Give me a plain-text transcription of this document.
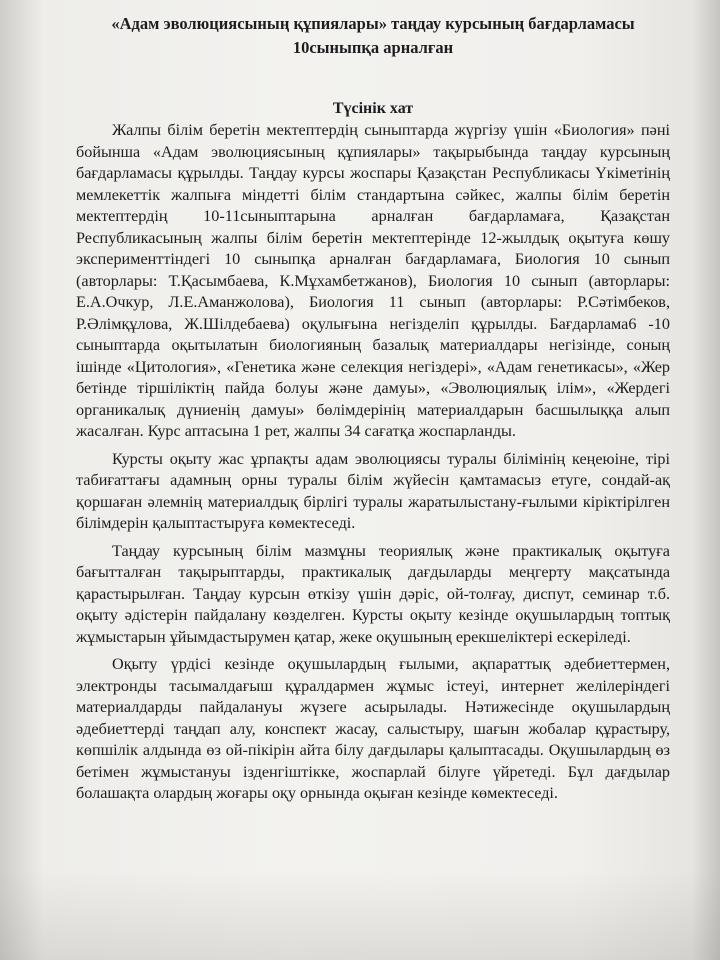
«Адам эволюциясының құпиялары» таңдау курсының бағдарламасы

10сыныпқа арналған

Түсінік хат

Жалпы білім беретін мектептердің сыныптарда жүргізу үшін «Биология» пәні бойынша «Адам эволюциясының құпиялары» тақырыбында таңдау курсының бағдарламасы құрылды. Таңдау курсы жоспары Қазақстан Республикасы Үкіметінің мемлекеттік жалпыға міндетті білім стандартына сәйкес, жалпы білім беретін мектептердің 10-11сыныптарына арналған бағдарламаға, Қазақстан Республикасының жалпы білім беретін мектептерінде 12-жылдық оқытуға көшу эксперименттіндегі 10 сыныпқа арналған бағдарламаға, Биология 10 сынып (авторлары: Т.Қасымбаева, К.Мұхамбетжанов), Биология 10 сынып (авторлары: Е.А.Очкур, Л.Е.Аманжолова), Биология 11 сынып (авторлары: Р.Сәтімбеков, Р.Әлімқұлова, Ж.Шілдебаева) оқулығына негізделіп құрылды. Бағдарлама6 -10 сыныптарда оқытылатын биологияның базалық материалдары негізінде, соның ішінде «Цитология», «Генетика және селекция негіздері», «Адам генетикасы», «Жер бетінде тіршіліктің пайда болуы және дамуы», «Эволюциялық ілім», «Жердегі органикалық дүниенің дамуы» бөлімдерінің материалдарын басшылыққа алып жасалған. Курс аптасына 1 рет, жалпы 34 сағатқа жоспарланды.

Курсты оқыту жас ұрпақты адам эволюциясы туралы білімінің кеңеюіне, тірі табиғаттағы адамның орны туралы білім жүйесін қамтамасыз етуге, сондай-ақ қоршаған әлемнің материалдық бірлігі туралы жаратылыстану-ғылыми кіріктірілген білімдерін қалыптастыруға көмектеседі.

Таңдау курсының білім мазмұны теориялық және практикалық оқытуға бағытталған тақырыптарды, практикалық дағдыларды меңгерту мақсатында қарастырылған. Таңдау курсын өткізу үшін дәріс, ой-толғау, диспут, семинар т.б. оқыту әдістерін пайдалану көзделген. Курсты оқыту кезінде оқушылардың топтық жұмыстарын ұйымдастырумен қатар, жеке оқушының ерекшеліктері ескеріледі.

Оқыту үрдісі кезінде оқушылардың ғылыми, ақпараттық әдебиеттермен, электронды тасымалдағыш құралдармен жұмыс істеуі, интернет желілеріндегі материалдарды пайдалануы жүзеге асырылады. Нәтижесінде оқушылардың әдебиеттерді таңдап алу, конспект жасау, салыстыру, шағын жобалар құрастыру, көпшілік алдында өз ой-пікірін айта білу дағдылары қалыптасады. Оқушылардың өз бетімен жұмыстануы ізденгіштікке, жоспарлай білуге үйретеді. Бұл дағдылар болашақта олардың жоғары оқу орнында оқыған кезінде көмектеседі.
